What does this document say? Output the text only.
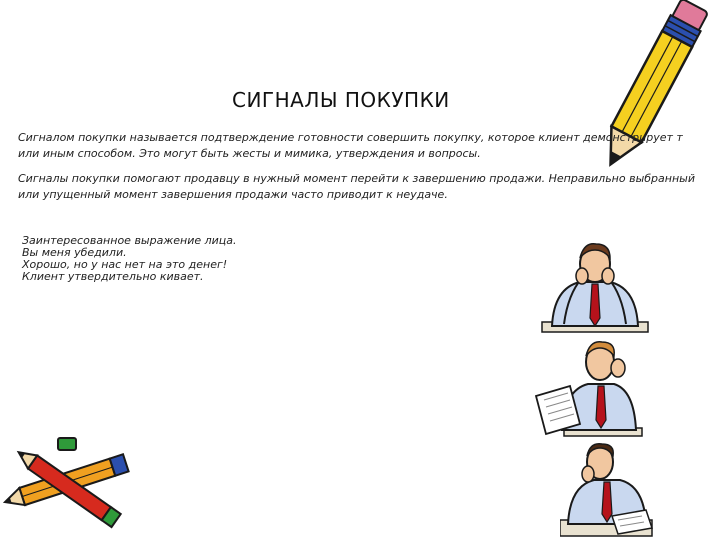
СИГНАЛЫ ПОКУПКИ
Сигналом покупки называется подтверждение готовности совершить покупку, которое клиент демонстрирует т
или иным способом. Это могут быть жесты и мимика, утверждения и вопросы.
Сигналы покупки помогают продавцу в нужный момент перейти к завершению продажи. Неправильно выбранный
или упущенный момент завершения продажи часто приводит к неудаче.
Заинтересованное выражение лица.
Вы меня убедили.
Хорошо, но у нас нет на это денег!
Клиент утвердительно кивает.
